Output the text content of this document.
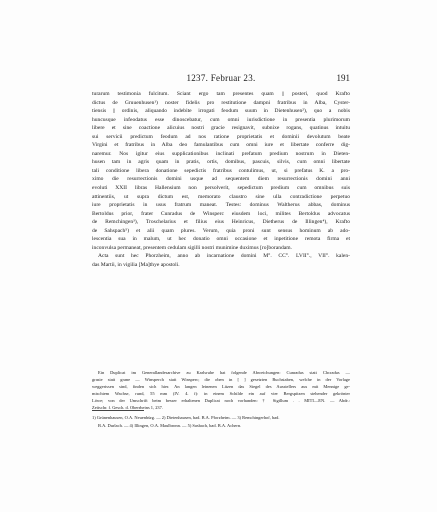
1237. Februar 23.	191
turarum testimonia fulcitum. Sciant ergo tam presentes quam || posteri, quod Krafto
dictus de Gruuenhusen¹) noster fidelis pro restitutione dampni fratribus in Alba, Cyster-
tiensis || ordinis, aliquando indebite irrogati feodum suum in Dietenhusen²), quo a nobis
huncusque infeodatus esse dinoscebatur, cum omni iurisdictione in presentia plurimorum
libere et sine coactione alicuius nostri gracie resignavit, subnixe rogans, quatinus intuitu
sui servicii predictum feodum ad nos ratione proprietatis et dominii devolutum beate
Virgini et fratribus in Alba deo famulantibus cum omni iure et libertate conferre dig-
naremur. Nos igitur eius supplicationibus inclinati prefatum predium nostrum in Dieten-
husen tam in agris quam in pratis, ortis, domibus, pascuis, silvis, cum omni libertate
tali conditione libera donatione sepedictis fratribus contulimus, ut, si prefatus K. a pro-
ximo die resurrectionis domini usque ad sequentem diem resurrectionis domini anni
evoluti XXII libras Hallensium non persolverit, sepedictum predium cum omnibus suis
attinentiis, ut supra dictum est, memorato claustro sine ulla contradictione perpetuo
iure proprietatis in usus fratrum maneat. Testes: dominus Waltherus abbas, dominus
Bertoldus prior, frater Cunradus de Winsperc eiusdem loci, milites Bertoldus advocatus
de Remchingen³), Troschelarius et filius eius Heinricus, Dietherus de Illingen⁴), Krafto
de Sahspach⁵) et alii quam plures. Verum, quia proni sunt sensus hominum ab ado-
lescentia sua in malum, ut hec donatio omni occasione et inpetitione remota firma et
inconvulsa permaneat, presentem cedulam sigilli nostri munimine duximus [ro]borandam.
Acta sunt hec Phorzheim, anno ab incarnatione domini M°. CC°. LVII°., VII°. kalen-
das Martii, in vigilia [Ma]thye apostoli.
Ein Duplicat im Generallandesarchive zu Karlsruhe hat folgende Abweichungen: Cunradus statt Chcradus —
grasie statt grane — Winsperch statt Winsperc; die oben in [ ] gesetzten Buchstaben, welche in der Vorlage
weggerissen sind, finden sich hier. An langen leinenen Litzen das Siegel des Ausstellers aus mit Mennige ge-
mischtem Wachse, rund, 55 mm (IV. 4. f): in einem Schilde ein auf vier Bergspitzen stehender gekrönter
Löwe; von der Umschrift beim besser erhaltenen Duplicat noch vorhanden: † Sigillum . . MITI—EN. — Abdr.:
Zeitschr. f. Gesch. d. Oberrheins 1, 237.
1) Grünenhausen, O.A. Neuenbürg. — 2) Dietenhausen, bad. B.A. Pforzheim. — 3) Remchingerhof, bad.
B.A. Durlach. — 4) Illingen, O.A. Maulbronn. — 5) Sasbach, bad. B.A. Achern.
